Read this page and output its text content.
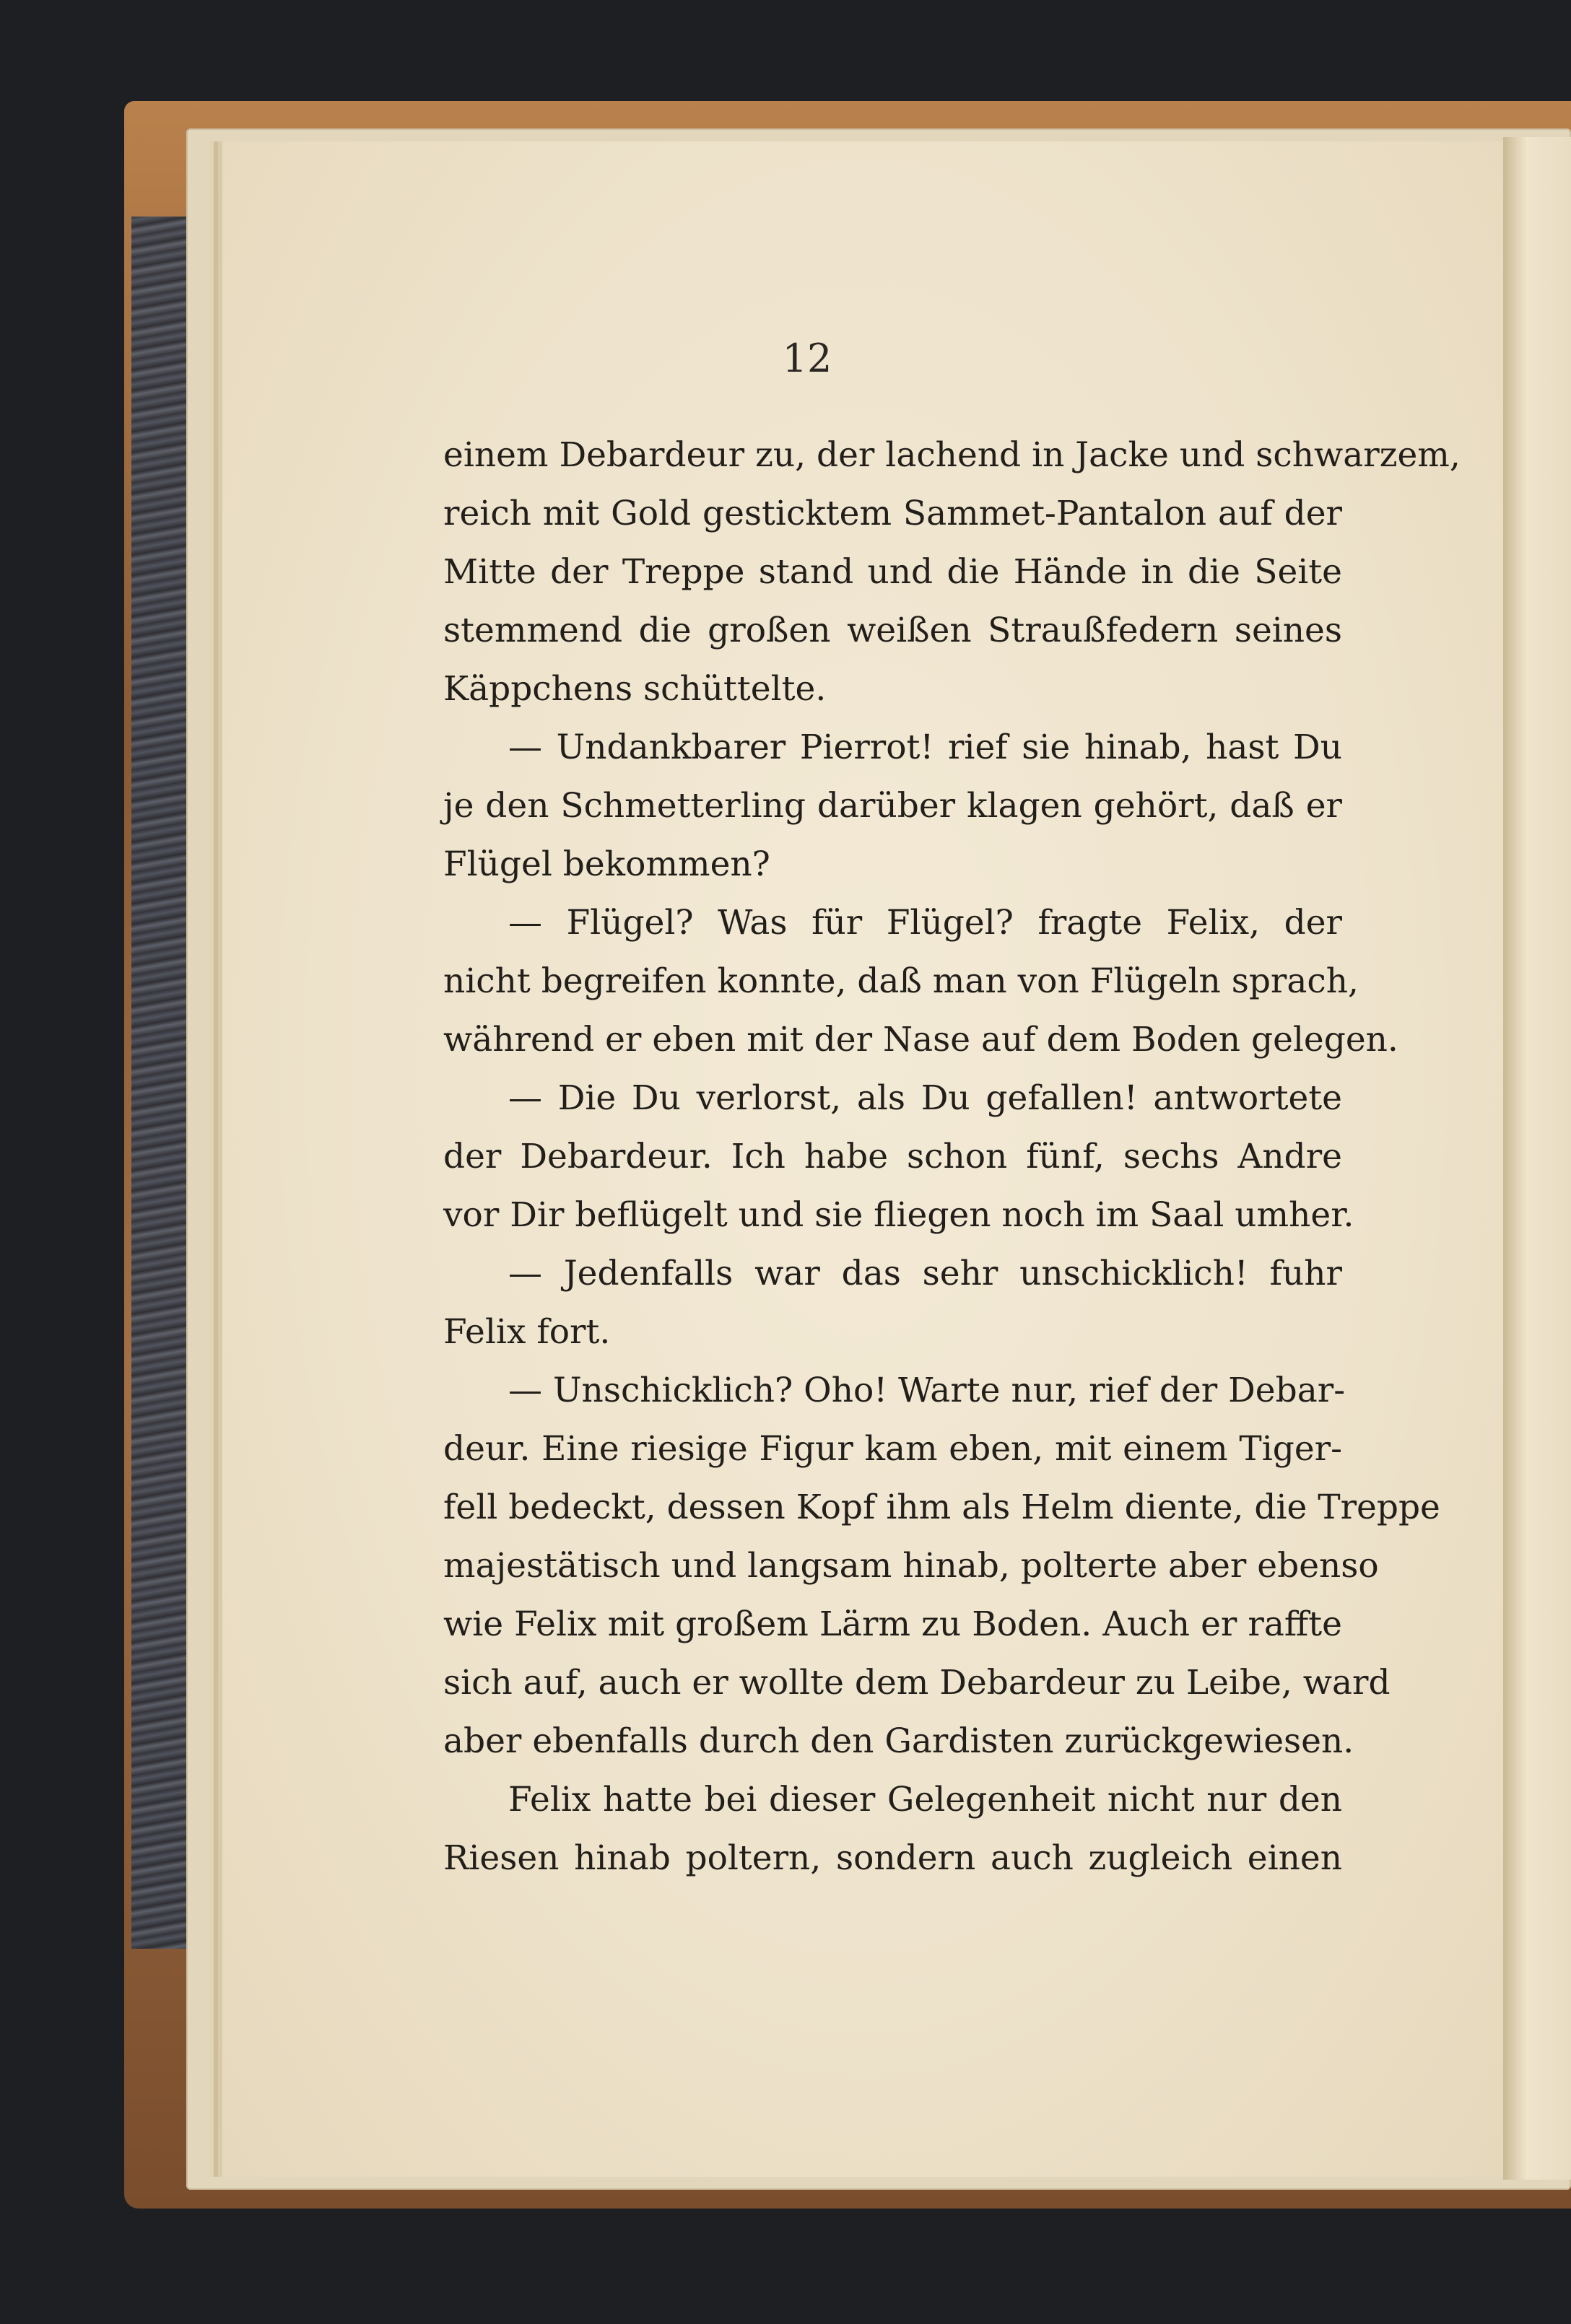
12
einem Debardeur zu, der lachend in Jacke und schwarzem,
reich mit Gold gesticktem Sammet-Pantalon auf der
Mitte der Treppe stand und die Hände in die Seite
stemmend die großen weißen Straußfedern seines
Käppchens schüttelte.
— Undankbarer Pierrot! rief sie hinab, hast Du
je den Schmetterling darüber klagen gehört, daß er
Flügel bekommen?
— Flügel? Was für Flügel? fragte Felix, der
nicht begreifen konnte, daß man von Flügeln sprach,
während er eben mit der Nase auf dem Boden gelegen.
— Die Du verlorst, als Du gefallen! antwortete
der Debardeur. Ich habe schon fünf, sechs Andre
vor Dir beflügelt und sie fliegen noch im Saal umher.
— Jedenfalls war das sehr unschicklich! fuhr
Felix fort.
— Unschicklich? Oho! Warte nur, rief der Debar-
deur. Eine riesige Figur kam eben, mit einem Tiger-
fell bedeckt, dessen Kopf ihm als Helm diente, die Treppe
majestätisch und langsam hinab, polterte aber ebenso
wie Felix mit großem Lärm zu Boden. Auch er raffte
sich auf, auch er wollte dem Debardeur zu Leibe, ward
aber ebenfalls durch den Gardisten zurückgewiesen.
Felix hatte bei dieser Gelegenheit nicht nur den
Riesen hinab poltern, sondern auch zugleich einen
